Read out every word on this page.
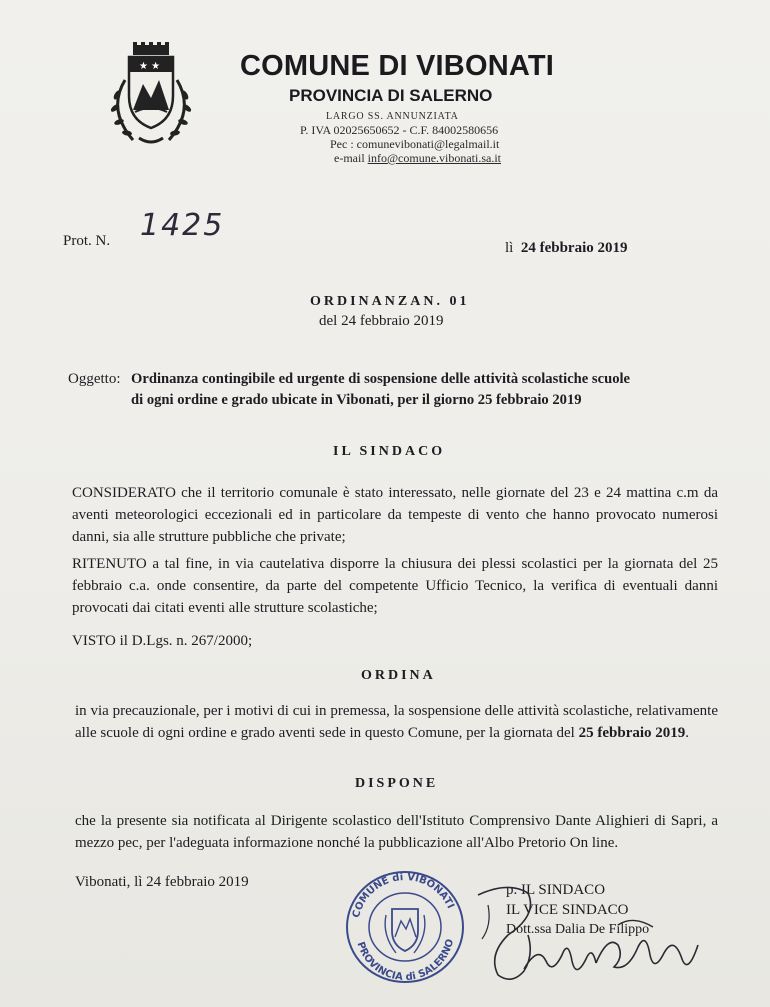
★ ★	COMUNE DI VIBONATI
PROVINCIA DI SALERNO
LARGO SS. ANNUNZIATA
P. IVA 02025650652 - C.F. 84002580656
Pec : comunevibonati@legalmail.it
e-mail info@comune.vibonati.sa.it
Prot. N. 1425
lì 24 febbraio 2019
ORDINANZAN. 01
del 24 febbraio 2019
Oggetto: Ordinanza contingibile ed urgente di sospensione delle attività scolastiche scuole
di ogni ordine e grado ubicate in Vibonati, per il giorno 25 febbraio 2019
IL SINDACO
CONSIDERATO che il territorio comunale è stato interessato, nelle giornate del 23 e 24 mattina c.m da aventi meteorologici eccezionali ed in particolare da tempeste di vento che hanno provocato numerosi danni, sia alle strutture pubbliche che private;
RITENUTO a tal fine, in via cautelativa disporre la chiusura dei plessi scolastici per la giornata del 25 febbraio c.a. onde consentire, da parte del competente Ufficio Tecnico, la verifica di eventuali danni provocati dai citati eventi alle strutture scolastiche;
VISTO il D.Lgs. n. 267/2000;
ORDINA
in via precauzionale, per i motivi di cui in premessa, la sospensione delle attività scolastiche, relativamente alle scuole di ogni ordine e grado aventi sede in questo Comune, per la giornata del 25 febbraio 2019.
DISPONE
che la presente sia notificata al Dirigente scolastico dell'Istituto Comprensivo Dante Alighieri di Sapri, a mezzo pec, per l'adeguata informazione nonché la pubblicazione all'Albo Pretorio On line.
Vibonati, lì 24 febbraio 2019
COMUNE di VIBONATI
PROVINCIA di SALERNO
p. IL SINDACO
IL VICE SINDACO
Dott.ssa Dalia De Filippo
